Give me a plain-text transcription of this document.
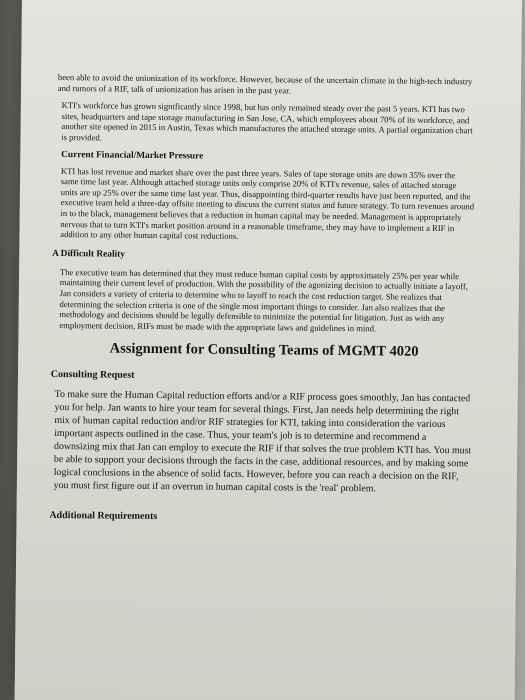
been able to avoid the unionization of its workforce. However, because of the uncertain climate in the high-tech industry and rumors of a RIF, talk of unionization has arisen in the past year.

KTI's workforce has grown significantly since 1998, but has only remained steady over the past 5 years. KTI has two sites, headquarters and tape storage manufacturing in San Jose, CA, which employees about 70% of its workforce, and another site opened in 2015 in Austin, Texas which manufactures the attached storage units. A partial organization chart is provided.

Current Financial/Market Pressure

KTI has lost revenue and market share over the past three years. Sales of tape storage units are down 35% over the same time last year. Although attached storage units only comprise 20% of KTI's revenue, sales of attached storage units are up 25% over the same time last year. Thus, disappointing third-quarter results have just been reported, and the executive team held a three-day offsite meeting to discuss the current status and future strategy. To turn revenues around in to the black, management believes that a reduction in human capital may be needed. Management is appropriately nervous that to turn KTI's market position around in a reasonable timeframe, they may have to implement a RIF in addition to any other human capital cost reductions.

A Difficult Reality

The executive team has determined that they must reduce human capital costs by approximately 25% per year while maintaining their current level of production. With the possibility of the agonizing decision to actually initiate a layoff, Jan considers a variety of criteria to determine who to layoff to reach the cost reduction target. She realizes that determining the selection criteria is one of the single most important things to consider. Jan also realizes that the methodology and decisions should be legally defensible to minimize the potential for litigation. Just as with any employment decision, RIFs must be made with the appropriate laws and guidelines in mind.

Assignment for Consulting Teams of MGMT 4020
Consulting Request

To make sure the Human Capital reduction efforts and/or a RIF process goes smoothly, Jan has contacted you for help. Jan wants to hire your team for several things. First, Jan needs help determining the right mix of human capital reduction and/or RIF strategies for KTI, taking into consideration the various important aspects outlined in the case. Thus, your team's job is to determine and recommend a downsizing mix that Jan can employ to execute the RIF if that solves the true problem KTI has. You must be able to support your decisions through the facts in the case, additional resources, and by making some logical conclusions in the absence of solid facts. However, before you can reach a decision on the RIF, you must first figure out if an overrun in human capital costs is the 'real' problem.

Additional Requirements
